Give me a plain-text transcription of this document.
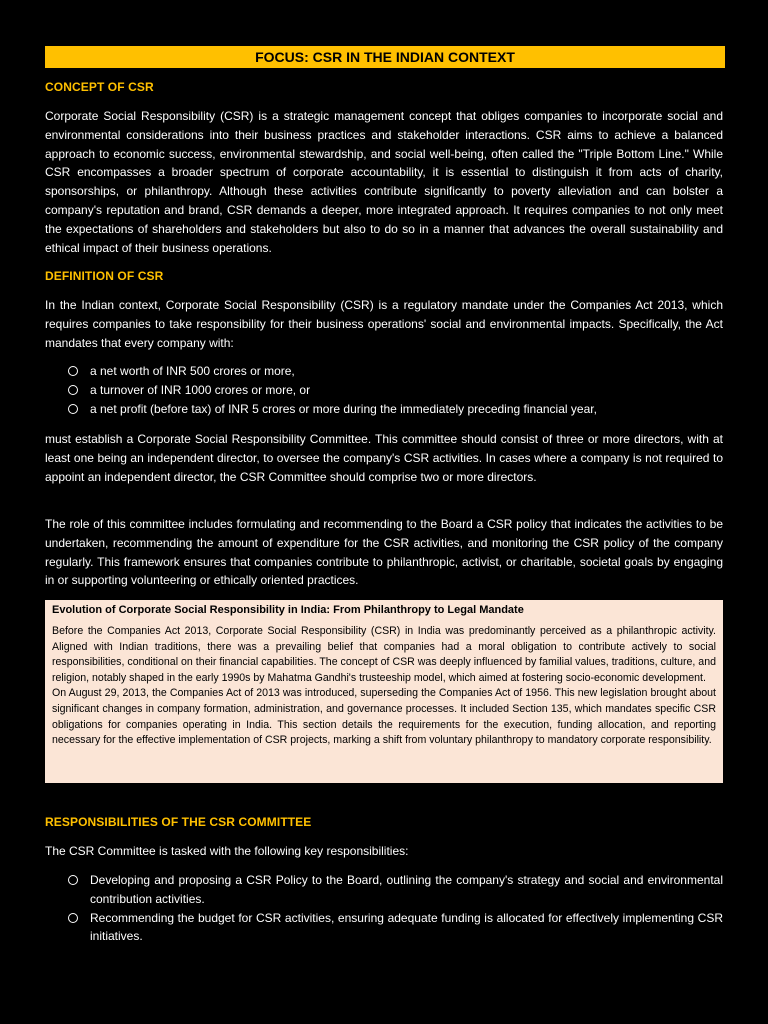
FOCUS: CSR IN THE INDIAN CONTEXT
CONCEPT OF CSR
Corporate Social Responsibility (CSR) is a strategic management concept that obliges companies to incorporate social and environmental considerations into their business practices and stakeholder interactions. CSR aims to achieve a balanced approach to economic success, environmental stewardship, and social well-being, often called the "Triple Bottom Line." While CSR encompasses a broader spectrum of corporate accountability, it is essential to distinguish it from acts of charity, sponsorships, or philanthropy. Although these activities contribute significantly to poverty alleviation and can bolster a company's reputation and brand, CSR demands a deeper, more integrated approach. It requires companies to not only meet the expectations of shareholders and stakeholders but also to do so in a manner that advances the overall sustainability and ethical impact of their business operations.
DEFINITION OF CSR
In the Indian context, Corporate Social Responsibility (CSR) is a regulatory mandate under the Companies Act 2013, which requires companies to take responsibility for their business operations' social and environmental impacts. Specifically, the Act mandates that every company with:
a net worth of INR 500 crores or more,
a turnover of INR 1000 crores or more, or
a net profit (before tax) of INR 5 crores or more during the immediately preceding financial year,
must establish a Corporate Social Responsibility Committee. This committee should consist of three or more directors, with at least one being an independent director, to oversee the company's CSR activities. In cases where a company is not required to appoint an independent director, the CSR Committee should comprise two or more directors.
The role of this committee includes formulating and recommending to the Board a CSR policy that indicates the activities to be undertaken, recommending the amount of expenditure for the CSR activities, and monitoring the CSR policy of the company regularly. This framework ensures that companies contribute to philanthropic, activist, or charitable, societal goals by engaging in or supporting volunteering or ethically oriented practices.
Evolution of Corporate Social Responsibility in India: From Philanthropy to Legal Mandate

Before the Companies Act 2013, Corporate Social Responsibility (CSR) in India was predominantly perceived as a philanthropic activity. Aligned with Indian traditions, there was a prevailing belief that companies had a moral obligation to contribute actively to social responsibilities, conditional on their financial capabilities. The concept of CSR was deeply influenced by familial values, traditions, culture, and religion, notably shaped in the early 1990s by Mahatma Gandhi's trusteeship model, which aimed at fostering socio-economic development.

On August 29, 2013, the Companies Act of 2013 was introduced, superseding the Companies Act of 1956. This new legislation brought about significant changes in company formation, administration, and governance processes. It included Section 135, which mandates specific CSR obligations for companies operating in India. This section details the requirements for the execution, funding allocation, and reporting necessary for the effective implementation of CSR projects, marking a shift from voluntary philanthropy to mandatory corporate responsibility.

RESPONSIBILITIES OF THE CSR COMMITTEE
The CSR Committee is tasked with the following key responsibilities:
Developing and proposing a CSR Policy to the Board, outlining the company's strategy and social and environmental contribution activities.
Recommending the budget for CSR activities, ensuring adequate funding is allocated for effectively implementing CSR initiatives.
